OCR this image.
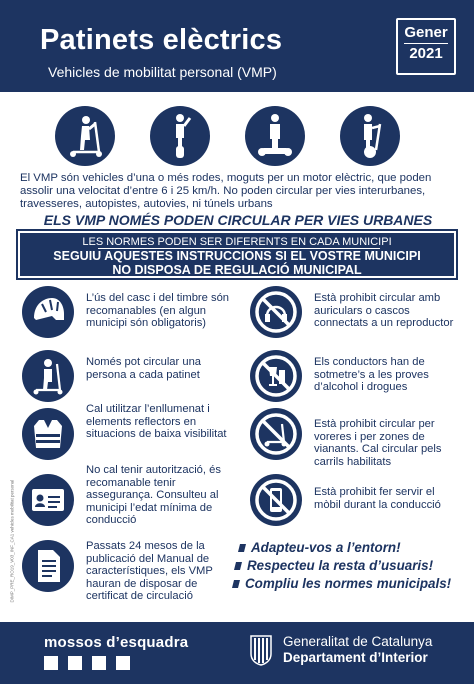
Patinets elèctrics
Vehicles de mobilitat personal (VMP)
Gener
2021
El VMP són vehicles d’una o més rodes, moguts per un motor elèctric, que poden assolir una velocitat d’entre 6 i 25 km/h. No poden circular per vies interurbanes, travesseres, autopistes, autovies, ni túnels urbans
ELS VMP NOMÉS PODEN CIRCULAR PER VIES URBANES
LES NORMES PODEN SER DIFERENTS EN CADA MUNICIPI
SEGUIU AQUESTES INSTRUCCIONS SI EL VOSTRE MUNICIPI
NO DISPOSA DE REGULACIÓ MUNICIPAL
L’ús del casc i del timbre són recomanables (en algun municipi són obligatoris)
Només pot circular una persona a cada patinet
Cal utilitzar l’enllumenat i elements reflectors en situacions de baixa visibilitat
No cal tenir autorització, és recomanable tenir assegurança. Consulteu al municipi l’edat mínima de conducció
Passats 24 mesos de la publicació del Manual de característiques, els VMP hauran de disposar de certificat de circulació
Està prohibit circular amb auriculars o cascos connectats a un reproductor
Els conductors han de sotmetre’s a les proves d’alcohol i drogues
Està prohibit circular per voreres i per zones de vianants. Cal circular pels carrils habilitats
Està prohibit fer servir el mòbil durant la conducció
Adapteu-vos a l’entorn!
Respecteu la resta d’usuaris!
Compliu les normes municipals!
DIMP_PRE_RO19_V03_INF_CA1 vehicles mobilitat personal
mossos d’esquadra	Generalitat de Catalunya
Departament d’Interior
